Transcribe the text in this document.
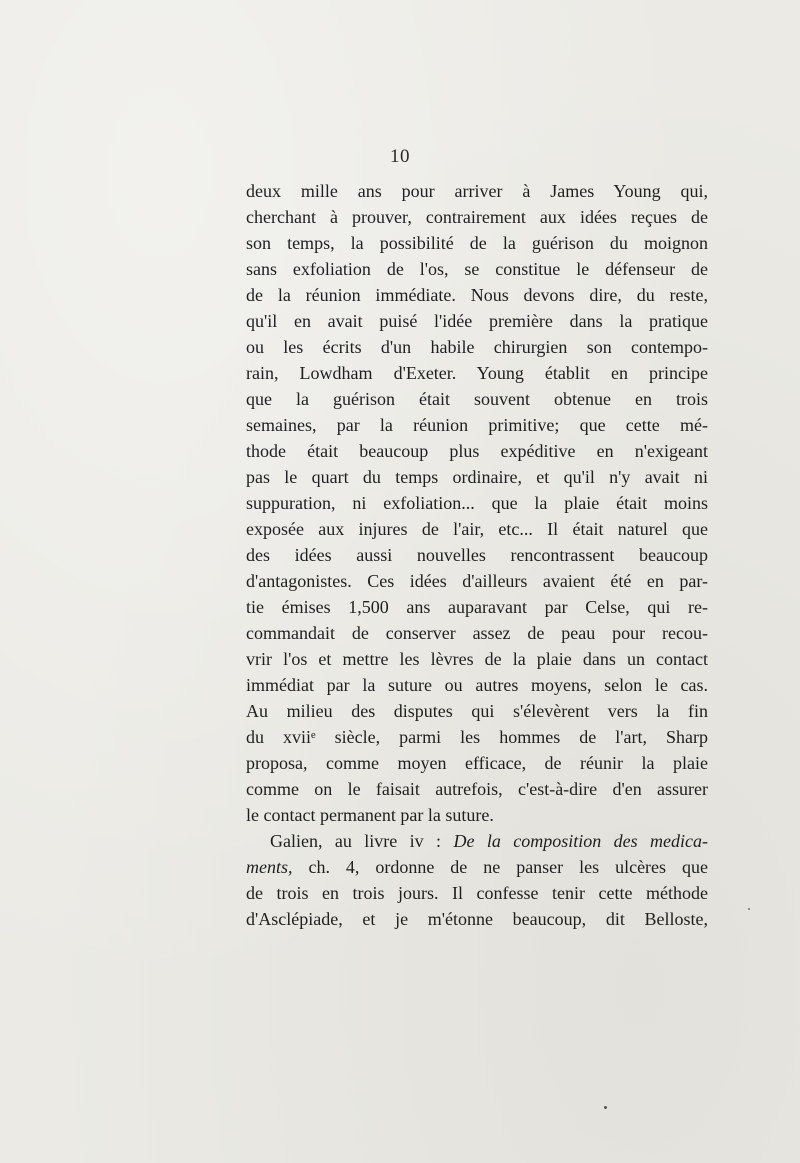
10
deux mille ans pour arriver à James Young qui,
cherchant à prouver, contrairement aux idées reçues de
son temps, la possibilité de la guérison du moignon
sans exfoliation de l'os, se constitue le défenseur de
de la réunion immédiate. Nous devons dire, du reste,
qu'il en avait puisé l'idée première dans la pratique
ou les écrits d'un habile chirurgien son contempo-
rain, Lowdham d'Exeter. Young établit en principe
que la guérison était souvent obtenue en trois
semaines, par la réunion primitive; que cette mé-
thode était beaucoup plus expéditive en n'exigeant
pas le quart du temps ordinaire, et qu'il n'y avait ni
suppuration, ni exfoliation... que la plaie était moins
exposée aux injures de l'air, etc... Il était naturel que
des idées aussi nouvelles rencontrassent beaucoup
d'antagonistes. Ces idées d'ailleurs avaient été en par-
tie émises 1,500 ans auparavant par Celse, qui re-
commandait de conserver assez de peau pour recou-
vrir l'os et mettre les lèvres de la plaie dans un contact
immédiat par la suture ou autres moyens, selon le cas.
Au milieu des disputes qui s'élevèrent vers la fin
du xviiᵉ siècle, parmi les hommes de l'art, Sharp
proposa, comme moyen efficace, de réunir la plaie
comme on le faisait autrefois, c'est-à-dire d'en assurer
le contact permanent par la suture.
Galien, au livre iv : De la composition des medica-
ments, ch. 4, ordonne de ne panser les ulcères que
de trois en trois jours. Il confesse tenir cette méthode
d'Asclépiade, et je m'étonne beaucoup, dit Belloste,
